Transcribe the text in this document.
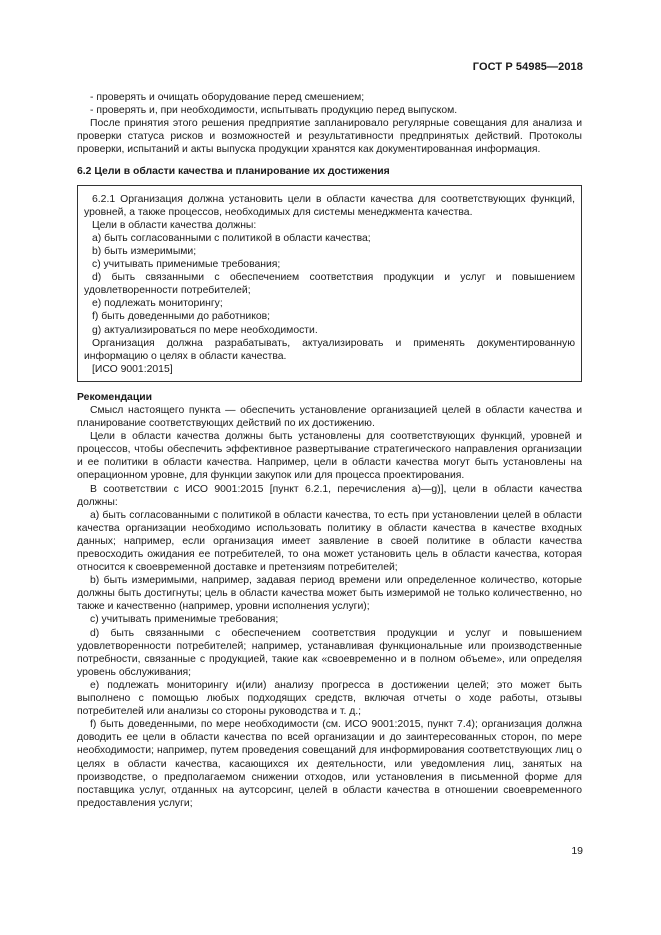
ГОСТ Р 54985—2018

- проверять и очищать оборудование перед смешением;

- проверять и, при необходимости, испытывать продукцию перед выпуском.

После принятия этого решения предприятие запланировало регулярные совещания для анализа и проверки статуса рисков и возможностей и результативности предпринятых действий. Протоколы проверки, испытаний и акты выпуска продукции хранятся как документированная информация.

6.2 Цели в области качества и планирование их достижения

6.2.1 Организация должна установить цели в области качества для соответствующих функций, уровней, а также процессов, необходимых для системы менеджмента качества.

Цели в области качества должны:

a) быть согласованными с политикой в области качества;

b) быть измеримыми;

c) учитывать применимые требования;

d) быть связанными с обеспечением соответствия продукции и услуг и повышением удовлетворенности потребителей;

e) подлежать мониторингу;

f) быть доведенными до работников;

g) актуализироваться по мере необходимости.

Организация должна разрабатывать, актуализировать и применять документированную информацию о целях в области качества.

[ИСО 9001:2015]

Рекомендации

Смысл настоящего пункта — обеспечить установление организацией целей в области качества и планирование соответствующих действий по их достижению.

Цели в области качества должны быть установлены для соответствующих функций, уровней и процессов, чтобы обеспечить эффективное развертывание стратегического направления организации и ее политики в области качества. Например, цели в области качества могут быть установлены на операционном уровне, для функции закупок или для процесса проектирования.

В соответствии с ИСО 9001:2015 [пункт 6.2.1, перечисления a)—g)], цели в области качества должны:

a) быть согласованными с политикой в области качества, то есть при установлении целей в области качества организации необходимо использовать политику в области качества в качестве входных данных; например, если организация имеет заявление в своей политике в области качества превосходить ожидания ее потребителей, то она может установить цель в области качества, которая относится к своевременной доставке и претензиям потребителей;

b) быть измеримыми, например, задавая период времени или определенное количество, которые должны быть достигнуты; цель в области качества может быть измеримой не только количественно, но также и качественно (например, уровни исполнения услуги);

c) учитывать применимые требования;

d) быть связанными с обеспечением соответствия продукции и услуг и повышением удовлетворенности потребителей; например, устанавливая функциональные или производственные потребности, связанные с продукцией, такие как «своевременно и в полном объеме», или определяя уровень обслуживания;

e) подлежать мониторингу и(или) анализу прогресса в достижении целей; это может быть выполнено с помощью любых подходящих средств, включая отчеты о ходе работы, отзывы потребителей или анализы со стороны руководства и т. д.;

f) быть доведенными, по мере необходимости (см. ИСО 9001:2015, пункт 7.4); организация должна доводить ее цели в области качества по всей организации и до заинтересованных сторон, по мере необходимости; например, путем проведения совещаний для информирования соответствующих лиц о целях в области качества, касающихся их деятельности, или уведомления лиц, занятых на производстве, о предполагаемом снижении отходов, или установления в письменной форме для поставщика услуг, отданных на аутсорсинг, целей в области качества в отношении своевременного предоставления услуги;

19
